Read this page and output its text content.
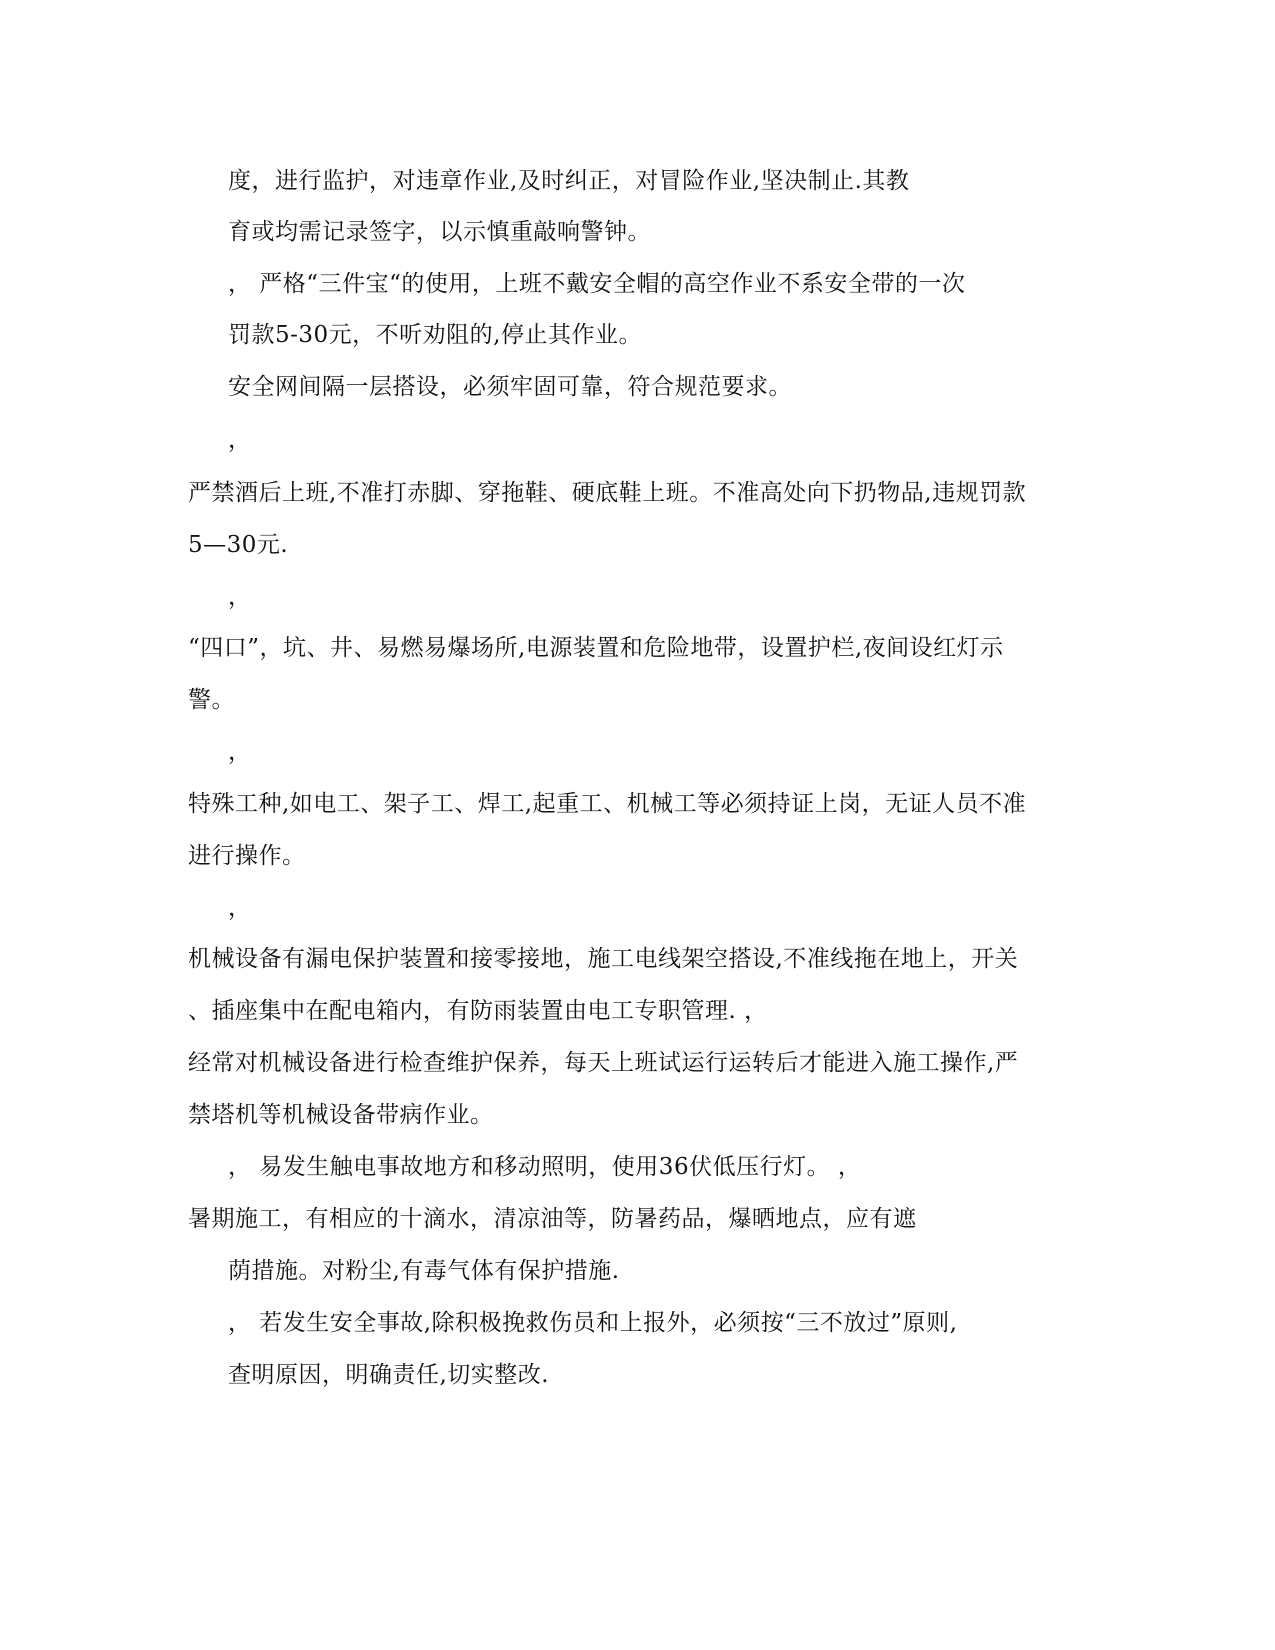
度，进行监护，对违章作业,及时纠正，对冒险作业,坚决制止.其教
育或均需记录签字，以示慎重敲响警钟。
， 严格“三件宝“的使用，上班不戴安全帽的高空作业不系安全带的一次
罚款5-30元，不听劝阻的,停止其作业。
安全网间隔一层搭设，必须牢固可靠，符合规范要求。
，
严禁酒后上班,不准打赤脚、穿拖鞋、硬底鞋上班。不准高处向下扔物品,违规罚款
5—30元.
，
“四口”，坑、井、易燃易爆场所,电源装置和危险地带，设置护栏,夜间设红灯示
警。
，
特殊工种,如电工、架子工、焊工,起重工、机械工等必须持证上岗，无证人员不准
进行操作。
，
机械设备有漏电保护装置和接零接地，施工电线架空搭设,不准线拖在地上，开关
、插座集中在配电箱内，有防雨装置由电工专职管理. ，
经常对机械设备进行检查维护保养，每天上班试运行运转后才能进入施工操作,严
禁塔机等机械设备带病作业。
， 易发生触电事故地方和移动照明，使用36伏低压行灯。 ，
暑期施工，有相应的十滴水，清凉油等，防暑药品，爆晒地点，应有遮
荫措施。对粉尘,有毒气体有保护措施.
， 若发生安全事故,除积极挽救伤员和上报外，必须按“三不放过”原则,
查明原因，明确责任,切实整改.
